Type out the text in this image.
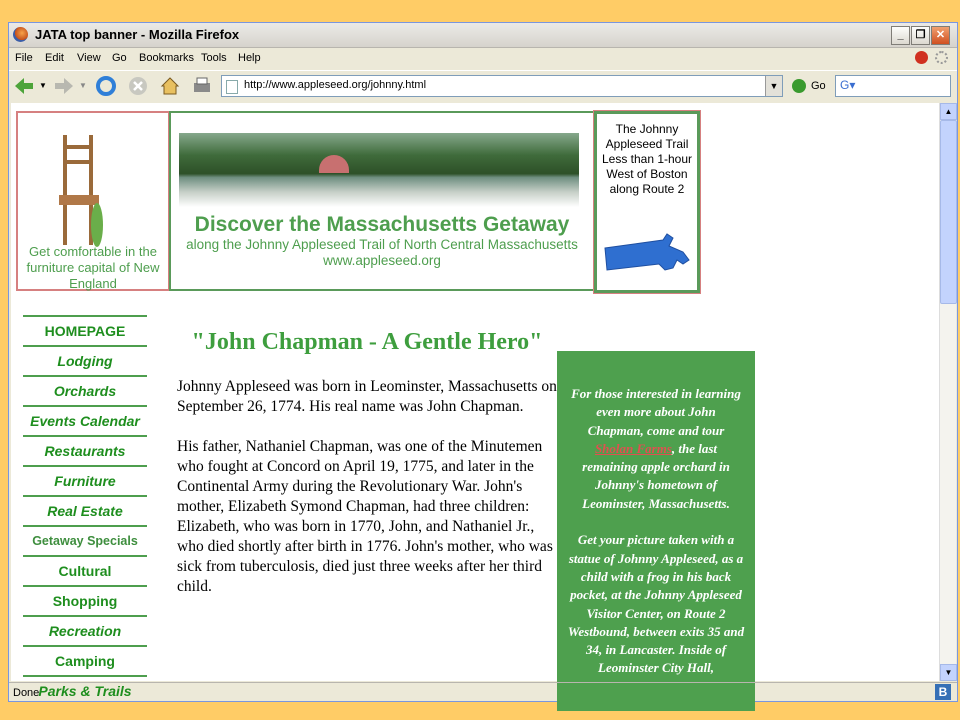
JATA top banner - Mozilla Firefox	_	❐ ✕
File Edit View Go Bookmarks Tools Help
▼	▼	http://www.appleseed.org/johnny.html	▼	Go G▾
Get comfortable in the furniture capital of New England
Discover the Massachusetts Getaway
along the Johnny Appleseed Trail of North Central Massachusetts
www.appleseed.org
The Johnny Appleseed Trail Less than 1-hour West of Boston along Route 2
HOMEPAGE
Lodging
Orchards
Events Calendar
Restaurants
Furniture
Real Estate
Getaway Specials
Cultural
Shopping
Recreation
Camping
Parks & Trails
"John Chapman - A Gentle Hero"

Johnny Appleseed was born in Leominster, Massachusetts on September 26, 1774. His real name was John Chapman.

His father, Nathaniel Chapman, was one of the Minutemen who fought at Concord on April 19, 1775, and later in the Continental Army during the Revolutionary War. John's mother, Elizabeth Symond Chapman, had three children: Elizabeth, who was born in 1770, John, and Nathaniel Jr., who died shortly after birth in 1776. John's mother, who was sick from tuberculosis, died just three weeks after her third child.

For those interested in learning even more about John Chapman, come and tour Sholan Farms, the last remaining apple orchard in Johnny's hometown of Leominster, Massachusetts.

Get your picture taken with a statue of Johnny Appleseed, as a child with a frog in his back pocket, at the Johnny Appleseed Visitor Center, on Route 2 Westbound, between exits 35 and 34, in Lancaster. Inside of Leominster City Hall,
▲
▼
Done	B
